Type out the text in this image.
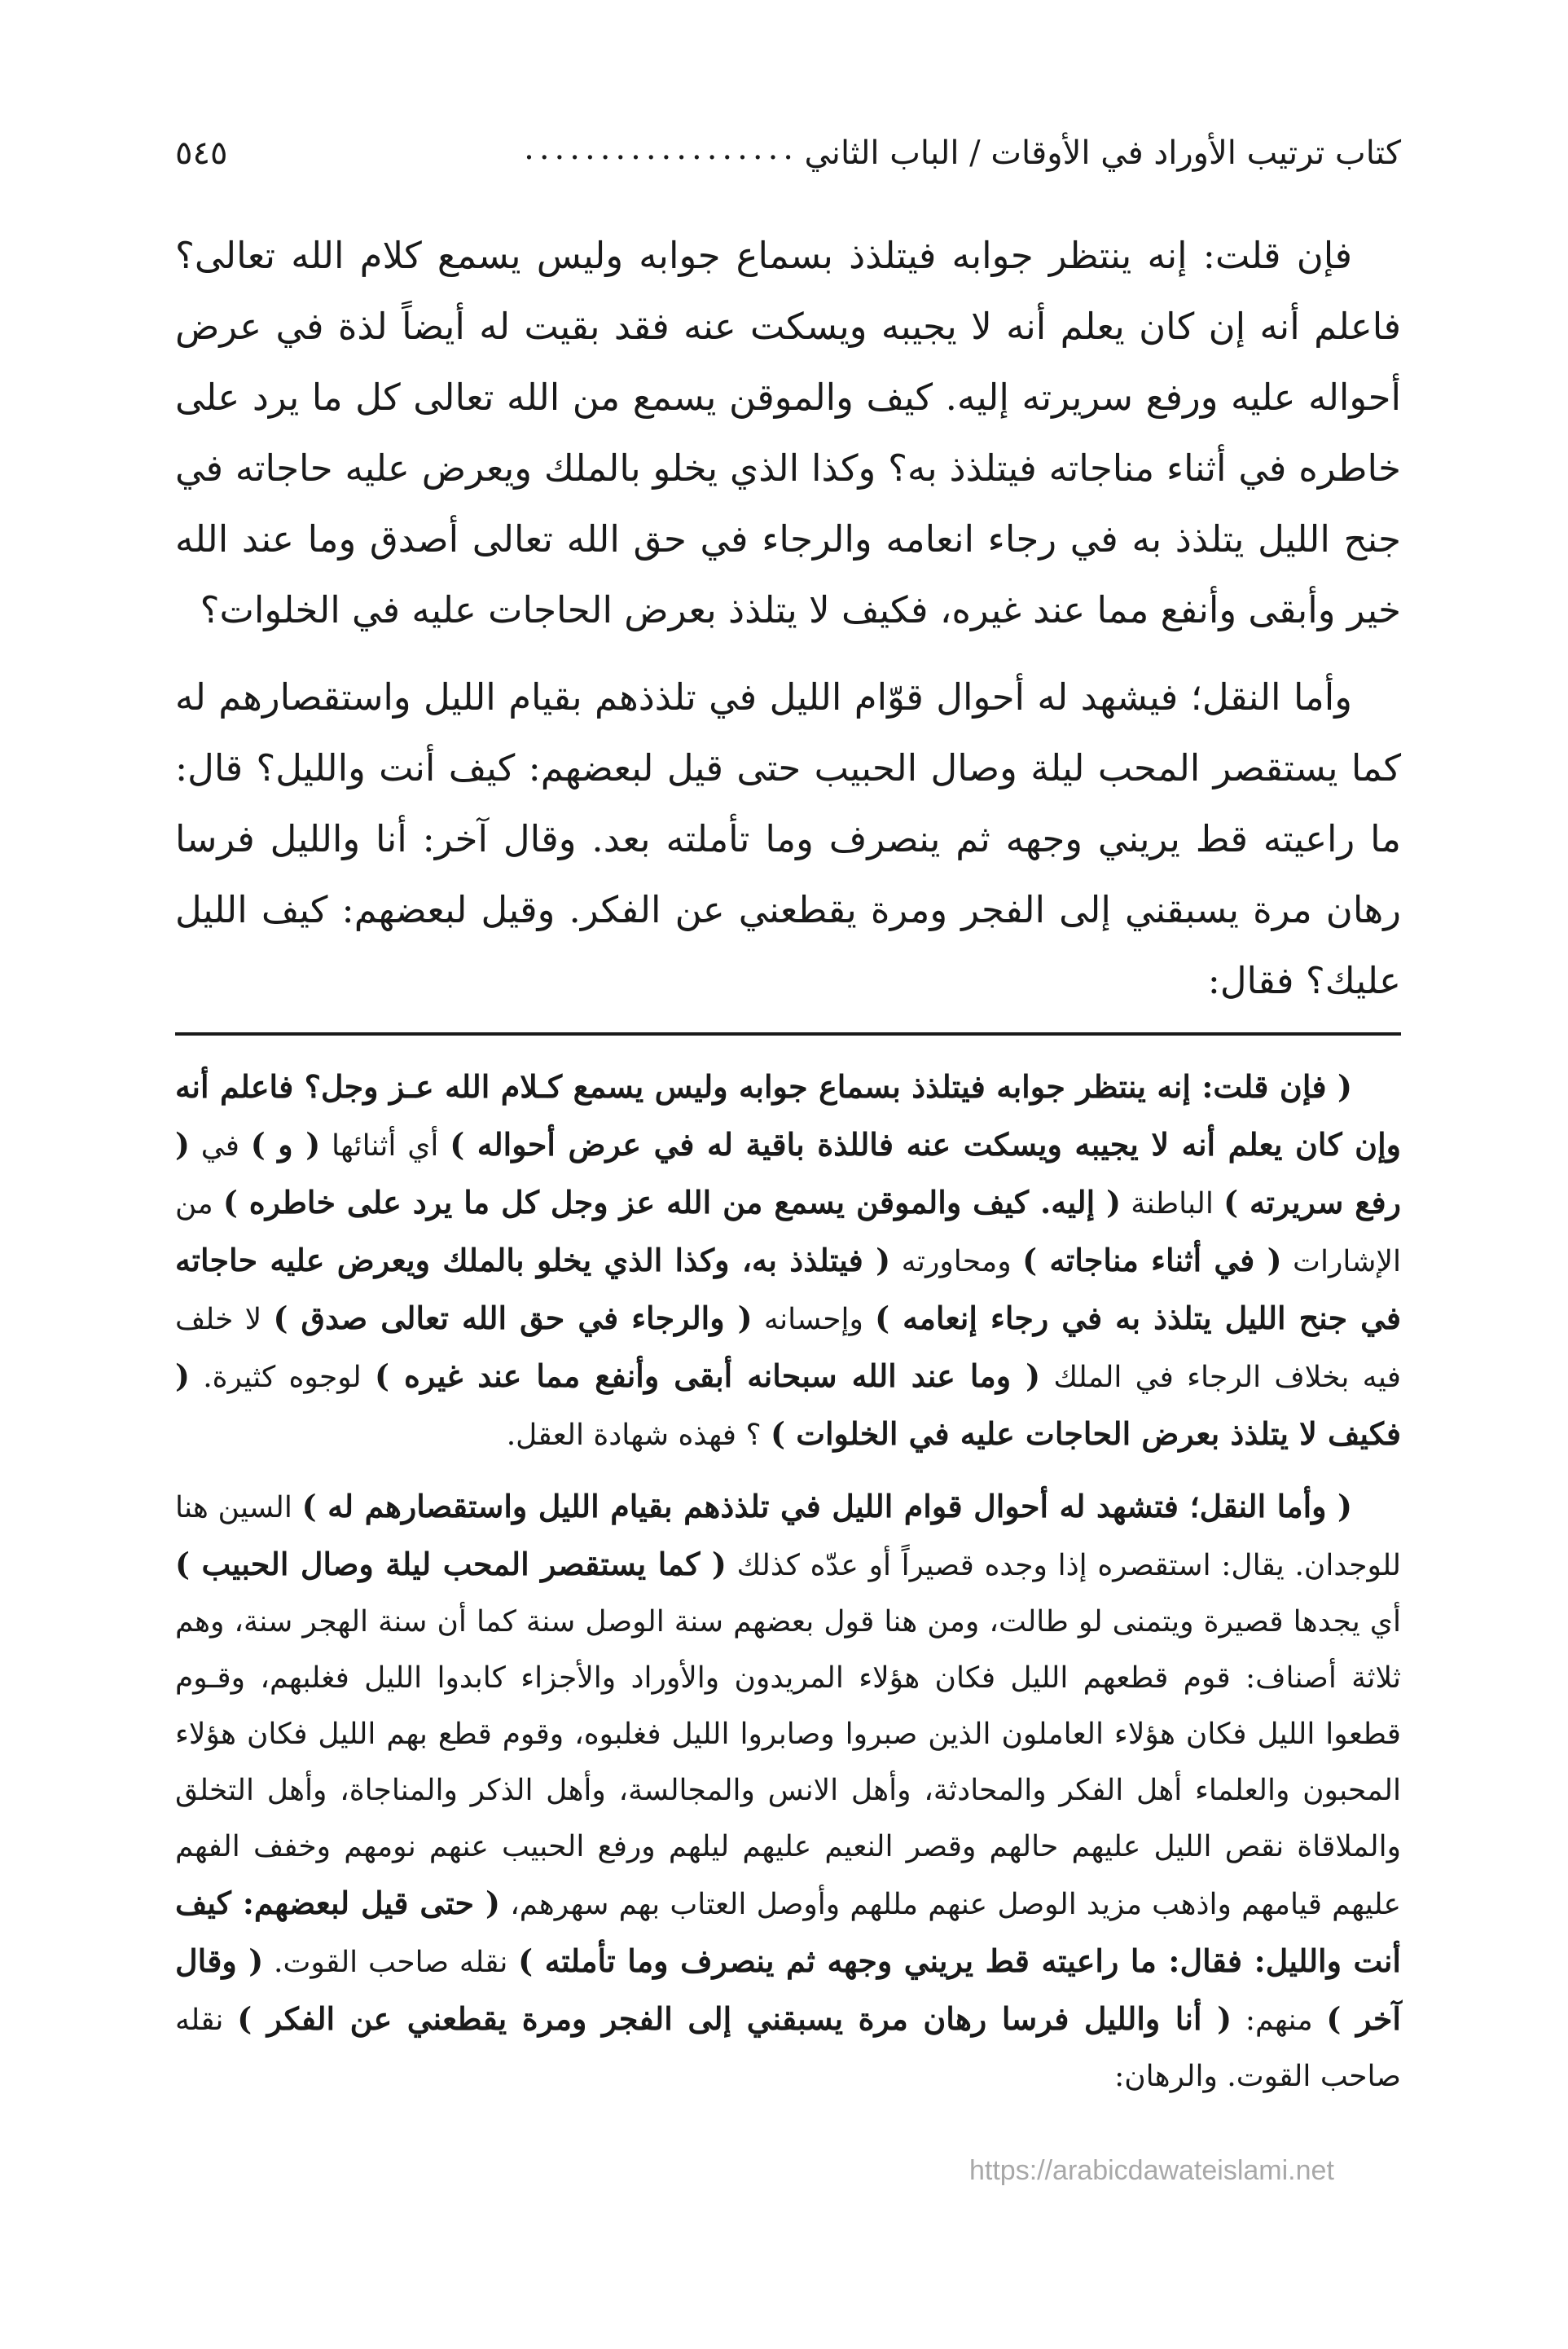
كتاب ترتيب الأوراد في الأوقات / الباب الثاني
..................
٥٤٥

فإن قلت: إنه ينتظر جوابه فيتلذذ بسماع جوابه وليس يسمع كلام الله تعالى؟ فاعلم أنه إن كان يعلم أنه لا يجيبه ويسكت عنه فقد بقيت له أيضاً لذة في عرض أحواله عليه ورفع سريرته إليه. كيف والموقن يسمع من الله تعالى كل ما يرد على خاطره في أثناء مناجاته فيتلذذ به؟ وكذا الذي يخلو بالملك ويعرض عليه حاجاته في جنح الليل يتلذذ به في رجاء انعامه والرجاء في حق الله تعالى أصدق وما عند الله خير وأبقى وأنفع مما عند غيره، فكيف لا يتلذذ بعرض الحاجات عليه في الخلوات؟

وأما النقل؛ فيشهد له أحوال قوّام الليل في تلذذهم بقيام الليل واستقصارهم له كما يستقصر المحب ليلة وصال الحبيب حتى قيل لبعضهم: كيف أنت والليل؟ قال: ما راعيته قط يريني وجهه ثم ينصرف وما تأملته بعد. وقال آخر: أنا والليل فرسا رهان مرة يسبقني إلى الفجر ومرة يقطعني عن الفكر. وقيل لبعضهم: كيف الليل عليك؟ فقال:

( فإن قلت: إنه ينتظر جوابه فيتلذذ بسماع جوابه وليس يسمع كـلام الله عـز وجل؟ فاعلم أنه وإن كان يعلم أنه لا يجيبه ويسكت عنه فاللذة باقية له في عرض أحواله ) أي أثنائها ( و ) في ( رفع سريرته ) الباطنة ( إليه. كيف والموقن يسمع من الله عز وجل كل ما يرد على خاطره ) من الإشارات ( في أثناء مناجاته ) ومحاورته ( فيتلذذ به، وكذا الذي يخلو بالملك ويعرض عليه حاجاته في جنح الليل يتلذذ به في رجاء إنعامه ) وإحسانه ( والرجاء في حق الله تعالى صدق ) لا خلف فيه بخلاف الرجاء في الملك ( وما عند الله سبحانه أبقى وأنفع مما عند غيره ) لوجوه كثيرة. ( فكيف لا يتلذذ بعرض الحاجات عليه في الخلوات ) ؟ فهذه شهادة العقل.

( وأما النقل؛ فتشهد له أحوال قوام الليل في تلذذهم بقيام الليل واستقصارهم له ) السين هنا للوجدان. يقال: استقصره إذا وجده قصيراً أو عدّه كذلك ( كما يستقصر المحب ليلة وصال الحبيب ) أي يجدها قصيرة ويتمنى لو طالت، ومن هنا قول بعضهم سنة الوصل سنة كما أن سنة الهجر سنة، وهم ثلاثة أصناف: قوم قطعهم الليل فكان هؤلاء المريدون والأوراد والأجزاء كابدوا الليل فغلبهم، وقـوم قطعوا الليل فكان هؤلاء العاملون الذين صبروا وصابروا الليل فغلبوه، وقوم قطع بهم الليل فكان هؤلاء المحبون والعلماء أهل الفكر والمحادثة، وأهل الانس والمجالسة، وأهل الذكر والمناجاة، وأهل التخلق والملاقاة نقص الليل عليهم حالهم وقصر النعيم عليهم ليلهم ورفع الحبيب عنهم نومهم وخفف الفهم عليهم قيامهم واذهب مزيد الوصل عنهم مللهم وأوصل العتاب بهم سهرهم، ( حتى قيل لبعضهم: كيف أنت والليل: فقال: ما راعيته قط يريني وجهه ثم ينصرف وما تأملته ) نقله صاحب القوت. ( وقال آخر ) منهم: ( أنا والليل فرسا رهان مرة يسبقني إلى الفجر ومرة يقطعني عن الفكر ) نقله صاحب القوت. والرهان:

https://arabicdawateislami.net
